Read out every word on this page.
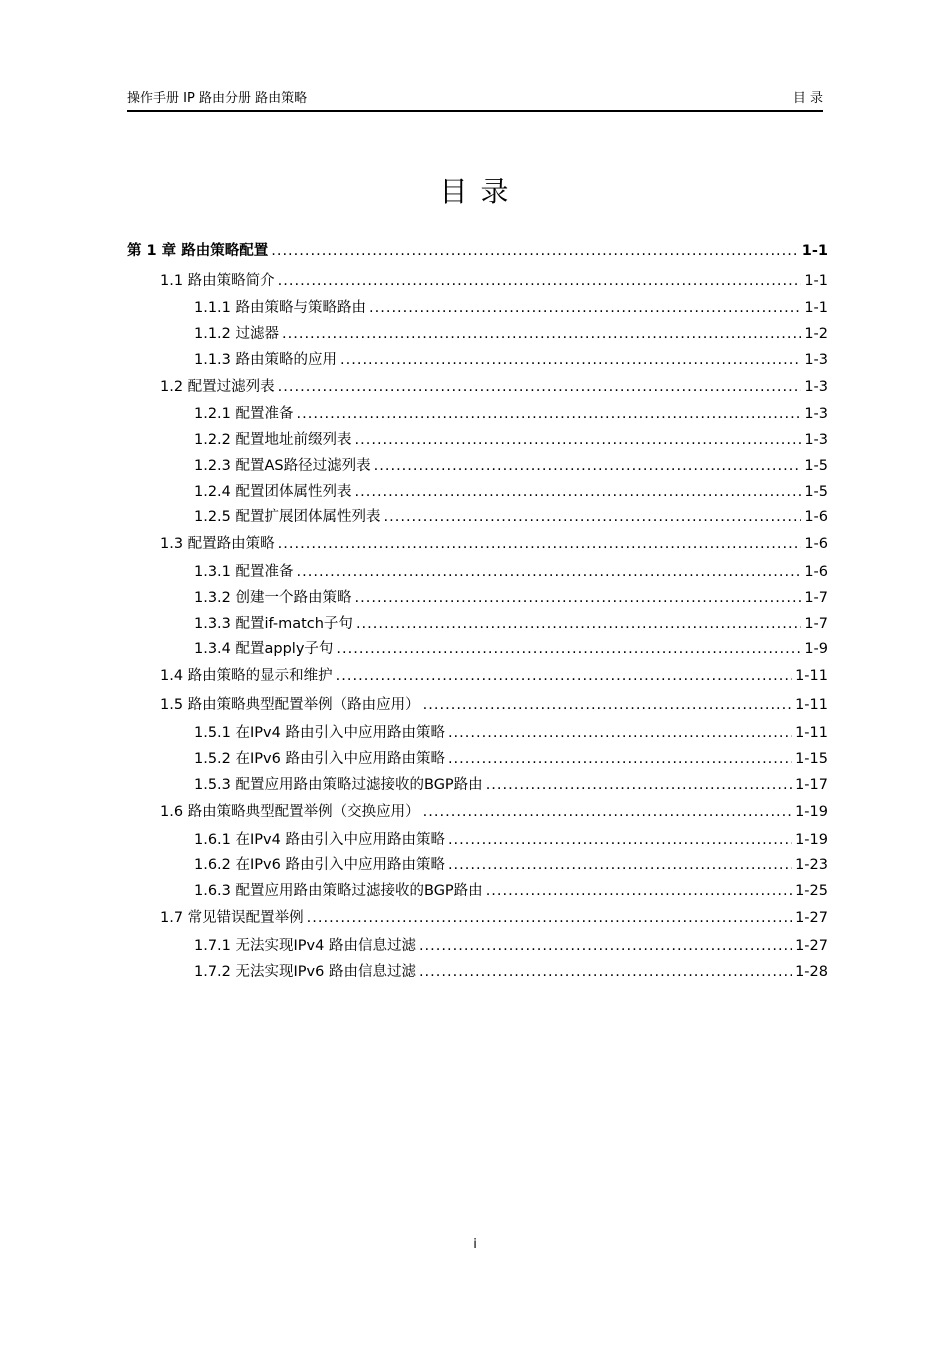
操作手册 IP 路由分册 路由策略	目 录
目 录
第 1 章 路由策略配置 .....	1-1
1.1 路由策略简介 .....	1-1
1.1.1 路由策略与策略路由 .....	1-1
1.1.2 过滤器 .....	1-2
1.1.3 路由策略的应用 .....	1-3
1.2 配置过滤列表 .....	1-3
1.2.1 配置准备 .....	1-3
1.2.2 配置地址前缀列表 .....	1-3
1.2.3 配置AS路径过滤列表 .....	1-5
1.2.4 配置团体属性列表 .....	1-5
1.2.5 配置扩展团体属性列表 .....	1-6
1.3 配置路由策略 .....	1-6
1.3.1 配置准备 .....	1-6
1.3.2 创建一个路由策略 .....	1-7
1.3.3 配置if-match子句 .....	1-7
1.3.4 配置apply子句 .....	1-9
1.4 路由策略的显示和维护 .....	1-11
1.5 路由策略典型配置举例（路由应用） .....	1-11
1.5.1 在IPv4 路由引入中应用路由策略 .....	1-11
1.5.2 在IPv6 路由引入中应用路由策略 .....	1-15
1.5.3 配置应用路由策略过滤接收的BGP路由 .....	1-17
1.6 路由策略典型配置举例（交换应用） .....	1-19
1.6.1 在IPv4 路由引入中应用路由策略 .....	1-19
1.6.2 在IPv6 路由引入中应用路由策略 .....	1-23
1.6.3 配置应用路由策略过滤接收的BGP路由 .....	1-25
1.7 常见错误配置举例 .....	1-27
1.7.1 无法实现IPv4 路由信息过滤 .....	1-27
1.7.2 无法实现IPv6 路由信息过滤 .....	1-28
i
